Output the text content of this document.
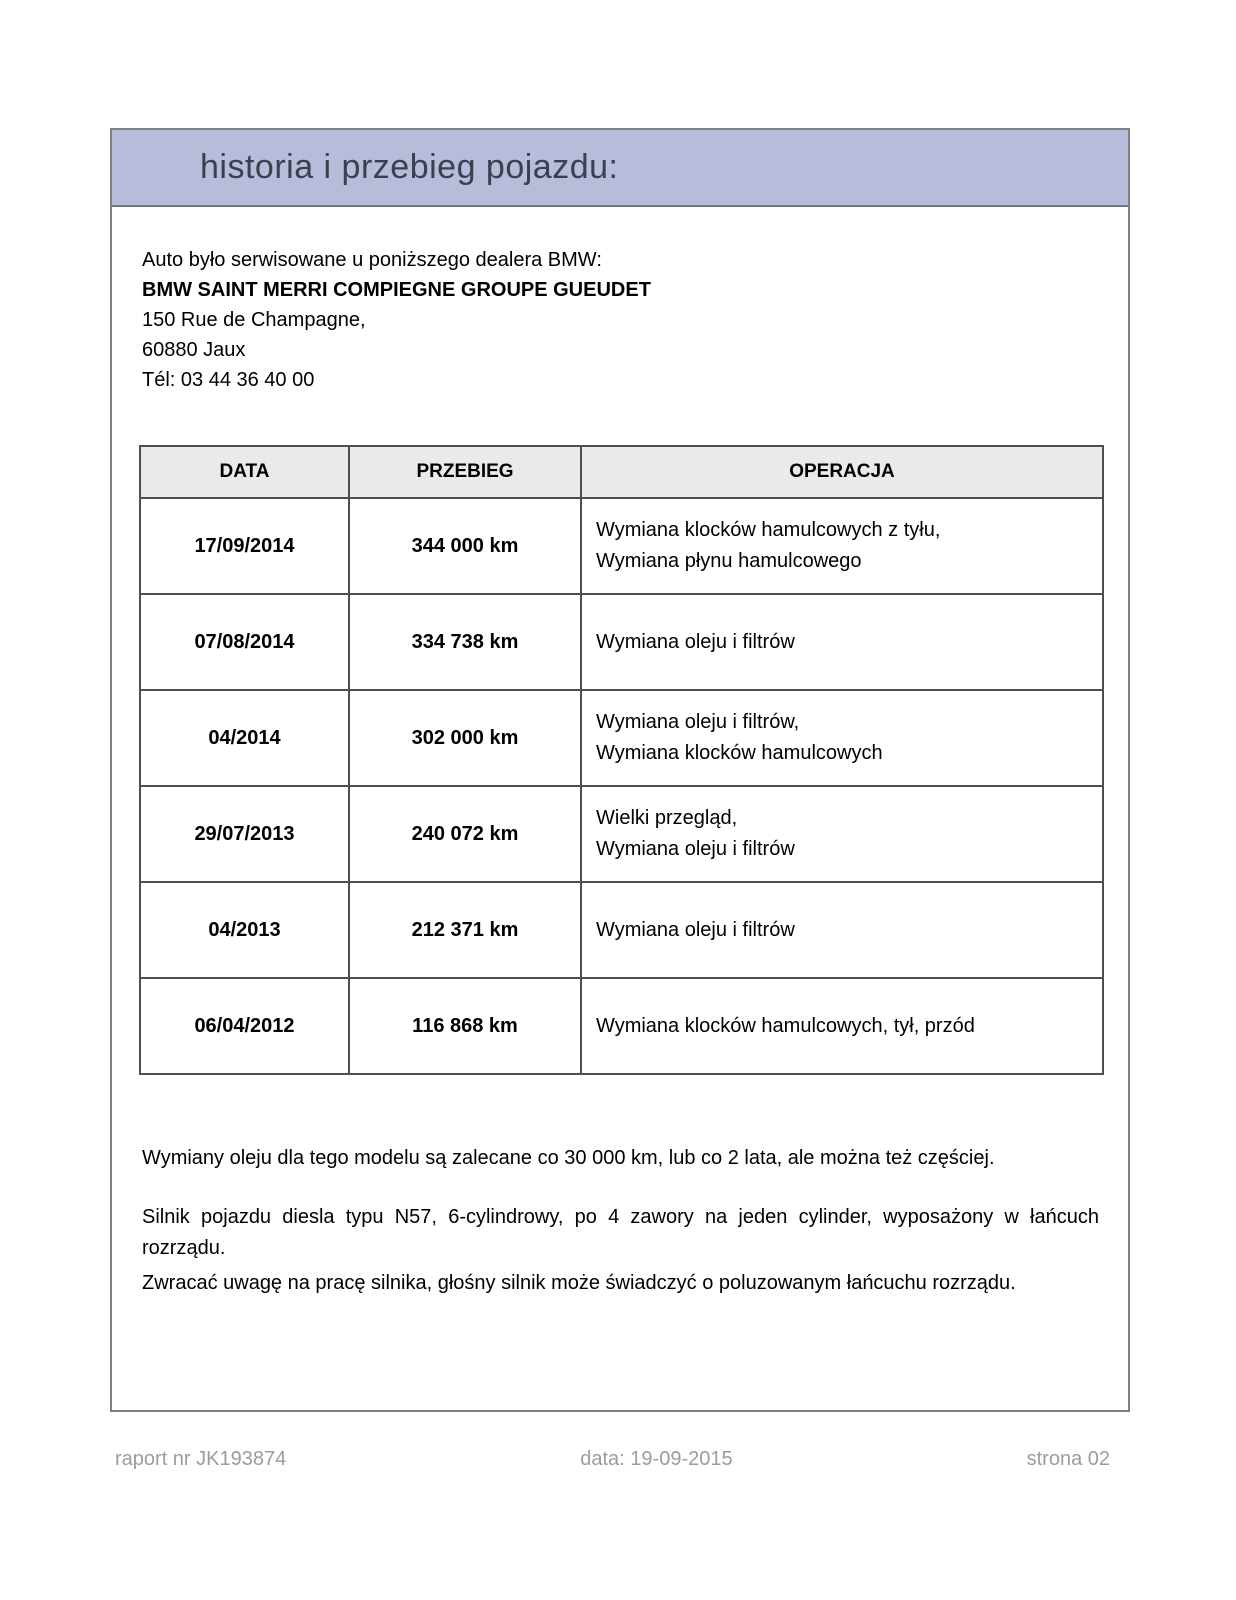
historia i przebieg pojazdu:
Auto było serwisowane u poniższego dealera BMW:
BMW SAINT MERRI COMPIEGNE GROUPE GUEUDET
150 Rue de Champagne,
60880 Jaux
Tél: 03 44 36 40 00
DATA	PRZEBIEG	OPERACJA
17/09/2014	344 000 km	Wymiana klocków hamulcowych z tyłu,
Wymiana płynu hamulcowego

07/08/2014	334 738 km	Wymiana oleju i filtrów

04/2014	302 000 km	Wymiana oleju i filtrów,
Wymiana klocków hamulcowych

29/07/2013	240 072 km	Wielki przegląd,
Wymiana oleju i filtrów

04/2013	212 371 km	Wymiana oleju i filtrów

06/04/2012	116 868 km	Wymiana klocków hamulcowych, tył, przód

Wymiany oleju dla tego modelu są zalecane co 30 000 km, lub co 2 lata, ale można też częściej.

Silnik pojazdu diesla typu N57, 6-cylindrowy, po 4 zawory na jeden cylinder, wyposażony w łańcuch rozrządu.

Zwracać uwagę na pracę silnika, głośny silnik może świadczyć o poluzowanym łańcuchu rozrządu.

raport nr JK193874	data: 19-09-2015	strona 02
